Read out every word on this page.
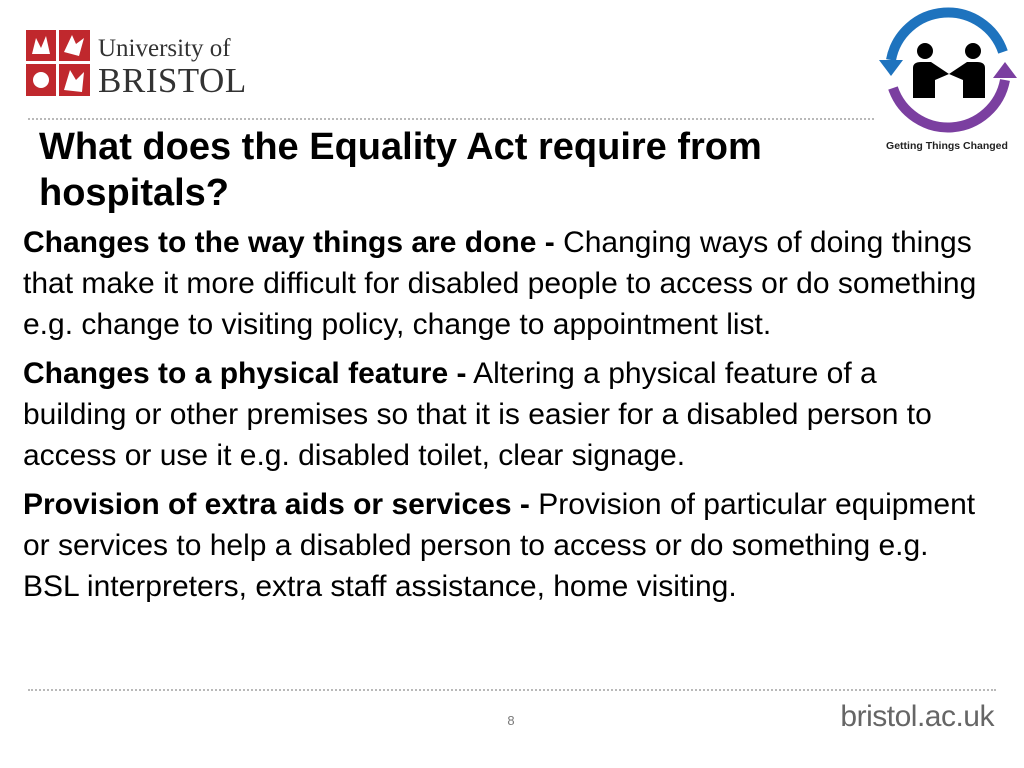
University of
BRISTOL
Getting Things Changed
What does the Equality Act require from hospitals?

Changes to the way things are done - Changing ways of doing things that make it more difficult for disabled people to access or do something e.g. change to visiting policy, change to appointment list.

Changes to a physical feature - Altering a physical feature of a building or other premises so that it is easier for a disabled person to access or use it e.g. disabled toilet, clear signage.

Provision of extra aids or services - Provision of particular equipment or services to help a disabled person to access or do something e.g. BSL interpreters, extra staff assistance, home visiting.

8	bristol.ac.uk
